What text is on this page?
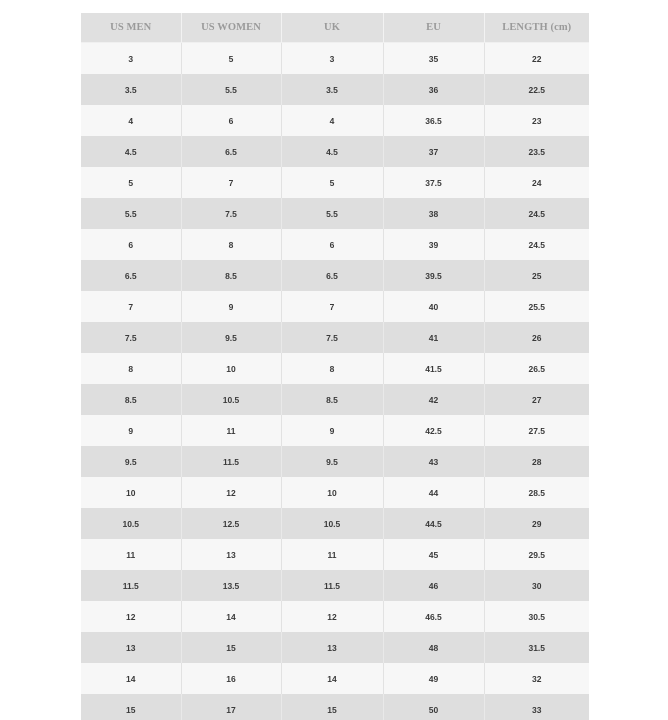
US MEN	US WOMEN	UK	EU	LENGTH (cm)
3	5	3	35	22
3.5	5.5	3.5	36	22.5
4	6	4	36.5	23
4.5	6.5	4.5	37	23.5
5	7	5	37.5	24
5.5	7.5	5.5	38	24.5
6	8	6	39	24.5
6.5	8.5	6.5	39.5	25
7	9	7	40	25.5
7.5	9.5	7.5	41	26
8	10	8	41.5	26.5
8.5	10.5	8.5	42	27
9	11	9	42.5	27.5
9.5	11.5	9.5	43	28
10	12	10	44	28.5
10.5	12.5	10.5	44.5	29
11	13	11	45	29.5
11.5	13.5	11.5	46	30
12	14	12	46.5	30.5
13	15	13	48	31.5
14	16	14	49	32
15	17	15	50	33
